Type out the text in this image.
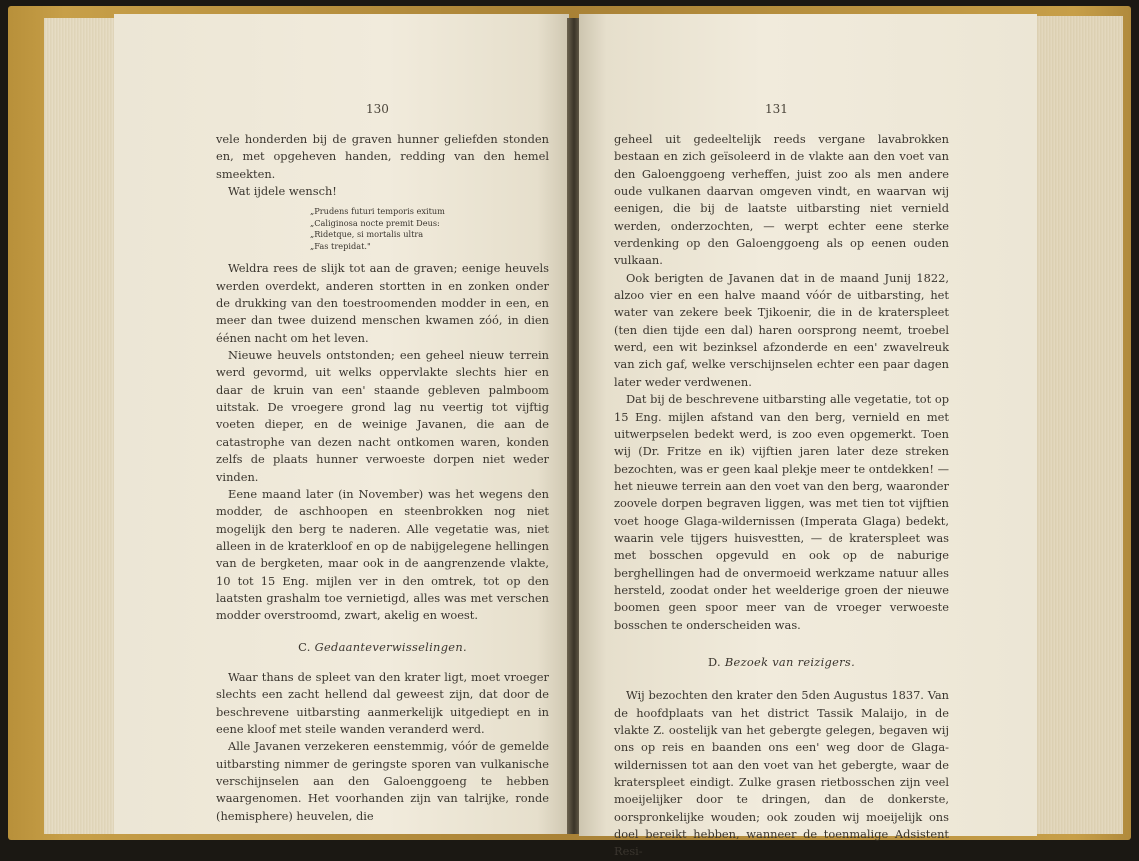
130

vele honderden bij de graven hunner geliefden stonden en, met opgeheven handen, redding van den hemel smeekten.

Wat ijdele wensch!

„Prudens futuri temporis exitum
„Caliginosa nocte premit Deus:
„Ridetque, si mortalis ultra
„Fas trepidat."

Weldra rees de slijk tot aan de graven; eenige heuvels werden overdekt, anderen stortten in en zonken onder de drukking van den toestroomenden modder in een, en meer dan twee duizend menschen kwamen zóó, in dien éénen nacht om het leven.

Nieuwe heuvels ontstonden; een geheel nieuw terrein werd gevormd, uit welks oppervlakte slechts hier en daar de kruin van een' staande gebleven palmboom uitstak. De vroegere grond lag nu veertig tot vijftig voeten dieper, en de weinige Javanen, die aan de catastrophe van dezen nacht ontkomen waren, konden zelfs de plaats hunner verwoeste dorpen niet weder vinden.

Eene maand later (in November) was het wegens den modder, de aschhoopen en steenbrokken nog niet mogelijk den berg te naderen. Alle vegetatie was, niet alleen in de kraterkloof en op de nabijgelegene hellingen van de bergketen, maar ook in de aangrenzende vlakte, 10 tot 15 Eng. mijlen ver in den omtrek, tot op den laatsten grashalm toe vernietigd, alles was met verschen modder overstroomd, zwart, akelig en woest.

C. Gedaanteverwisselingen.

Waar thans de spleet van den krater ligt, moet vroeger slechts een zacht hellend dal geweest zijn, dat door de beschrevene uitbarsting aanmerkelijk uitgediept en in eene kloof met steile wanden veranderd werd.

Alle Javanen verzekeren eenstemmig, vóór de gemelde uitbarsting nimmer de geringste sporen van vulkanische verschijnselen aan den Galoenggoeng te hebben waargenomen. Het voorhanden zijn van talrijke, ronde (hemisphere) heuvelen, die

131

geheel uit gedeeltelijk reeds vergane lavabrokken bestaan en zich geïsoleerd in de vlakte aan den voet van den Galoenggoeng verheffen, juist zoo als men andere oude vulkanen daarvan omgeven vindt, en waarvan wij eenigen, die bij de laatste uitbarsting niet vernield werden, onderzochten, — werpt echter eene sterke verdenking op den Galoenggoeng als op eenen ouden vulkaan.

Ook berigten de Javanen dat in de maand Junij 1822, alzoo vier en een halve maand vóór de uitbarsting, het water van zekere beek Tjikoenir, die in de kraterspleet (ten dien tijde een dal) haren oorsprong neemt, troebel werd, een wit bezinksel afzonderde en een' zwavelreuk van zich gaf, welke verschijnselen echter een paar dagen later weder verdwenen.

Dat bij de beschrevene uitbarsting alle vegetatie, tot op 15 Eng. mijlen afstand van den berg, vernield en met uitwerpselen bedekt werd, is zoo even opgemerkt. Toen wij (Dr. Fritze en ik) vijftien jaren later deze streken bezochten, was er geen kaal plekje meer te ontdekken! — het nieuwe terrein aan den voet van den berg, waaronder zoovele dorpen begraven liggen, was met tien tot vijftien voet hooge Glaga-wildernissen (Imperata Glaga) bedekt, waarin vele tijgers huisvestten, — de kraterspleet was met bosschen opgevuld en ook op de naburige berghellingen had de onvermoeid werkzame natuur alles hersteld, zoodat onder het weelderige groen der nieuwe boomen geen spoor meer van de vroeger verwoeste bosschen te onderscheiden was.

D. Bezoek van reizigers.

Wij bezochten den krater den 5den Augustus 1837. Van de hoofdplaats van het district Tassik Malaijo, in de vlakte Z. oostelijk van het gebergte gelegen, begaven wij ons op reis en baanden ons een' weg door de Glaga-wildernissen tot aan den voet van het gebergte, waar de kraterspleet eindigt. Zulke grasen rietbosschen zijn veel moeijelijker door te dringen, dan de donkerste, oorspronkelijke wouden; ook zouden wij moeijelijk ons doel bereikt hebben, wanneer de toenmalige Adsistent Resi-
